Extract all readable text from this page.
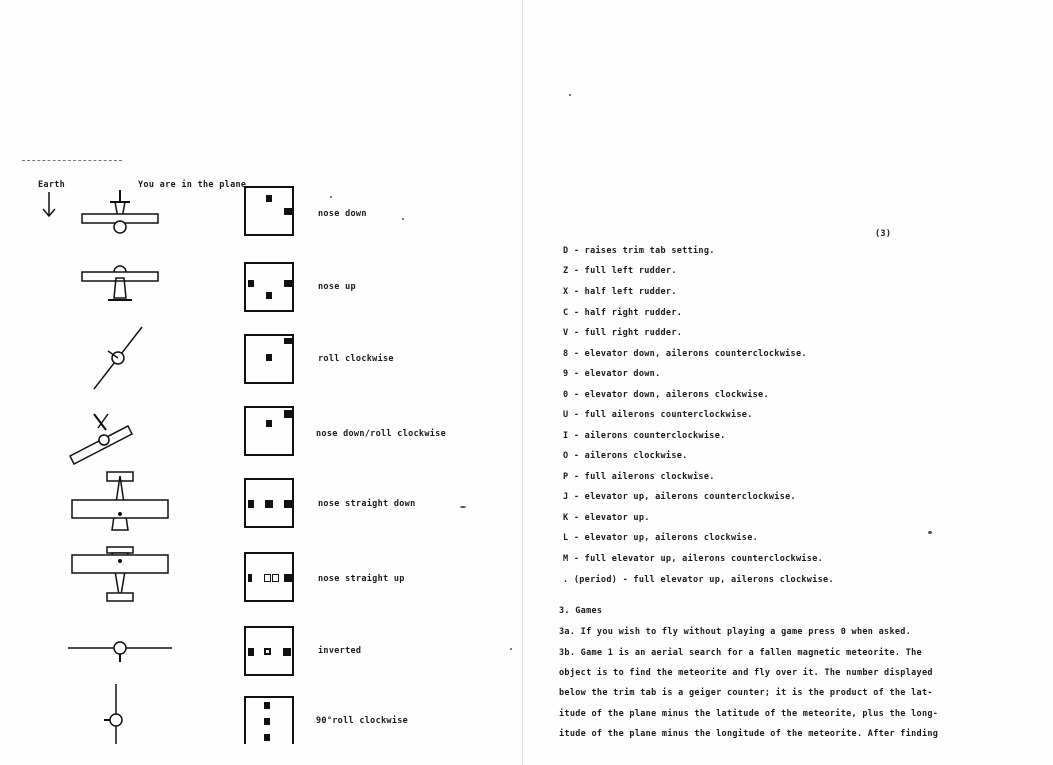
Earth	You are in the plane
nose down
nose up
roll clockwise
nose down/roll clockwise
nose straight down
nose straight up
inverted
90°roll clockwise
(3)
D - raises trim tab setting.
Z - full left rudder.
X - half left rudder.
C - half right rudder.
V - full right rudder.
8 - elevator down, ailerons counterclockwise.
9 - elevator down.
0 - elevator down, ailerons clockwise.
U - full ailerons counterclockwise.
I - ailerons counterclockwise.
O - ailerons clockwise.
P - full ailerons clockwise.
J - elevator up, ailerons counterclockwise.
K - elevator up.
L - elevator up, ailerons clockwise.
M - full elevator up, ailerons counterclockwise.
. (period) - full elevator up, ailerons clockwise.
3. Games
3a. If you wish to fly without playing a game press 0 when asked.
3b. Game 1 is an aerial search for a fallen magnetic meteorite. The
object is to find the meteorite and fly over it. The number displayed
below the trim tab is a geiger counter; it is the product of the lat-
itude of the plane minus the latitude of the meteorite, plus the long-
itude of the plane minus the longitude of the meteorite. After finding
